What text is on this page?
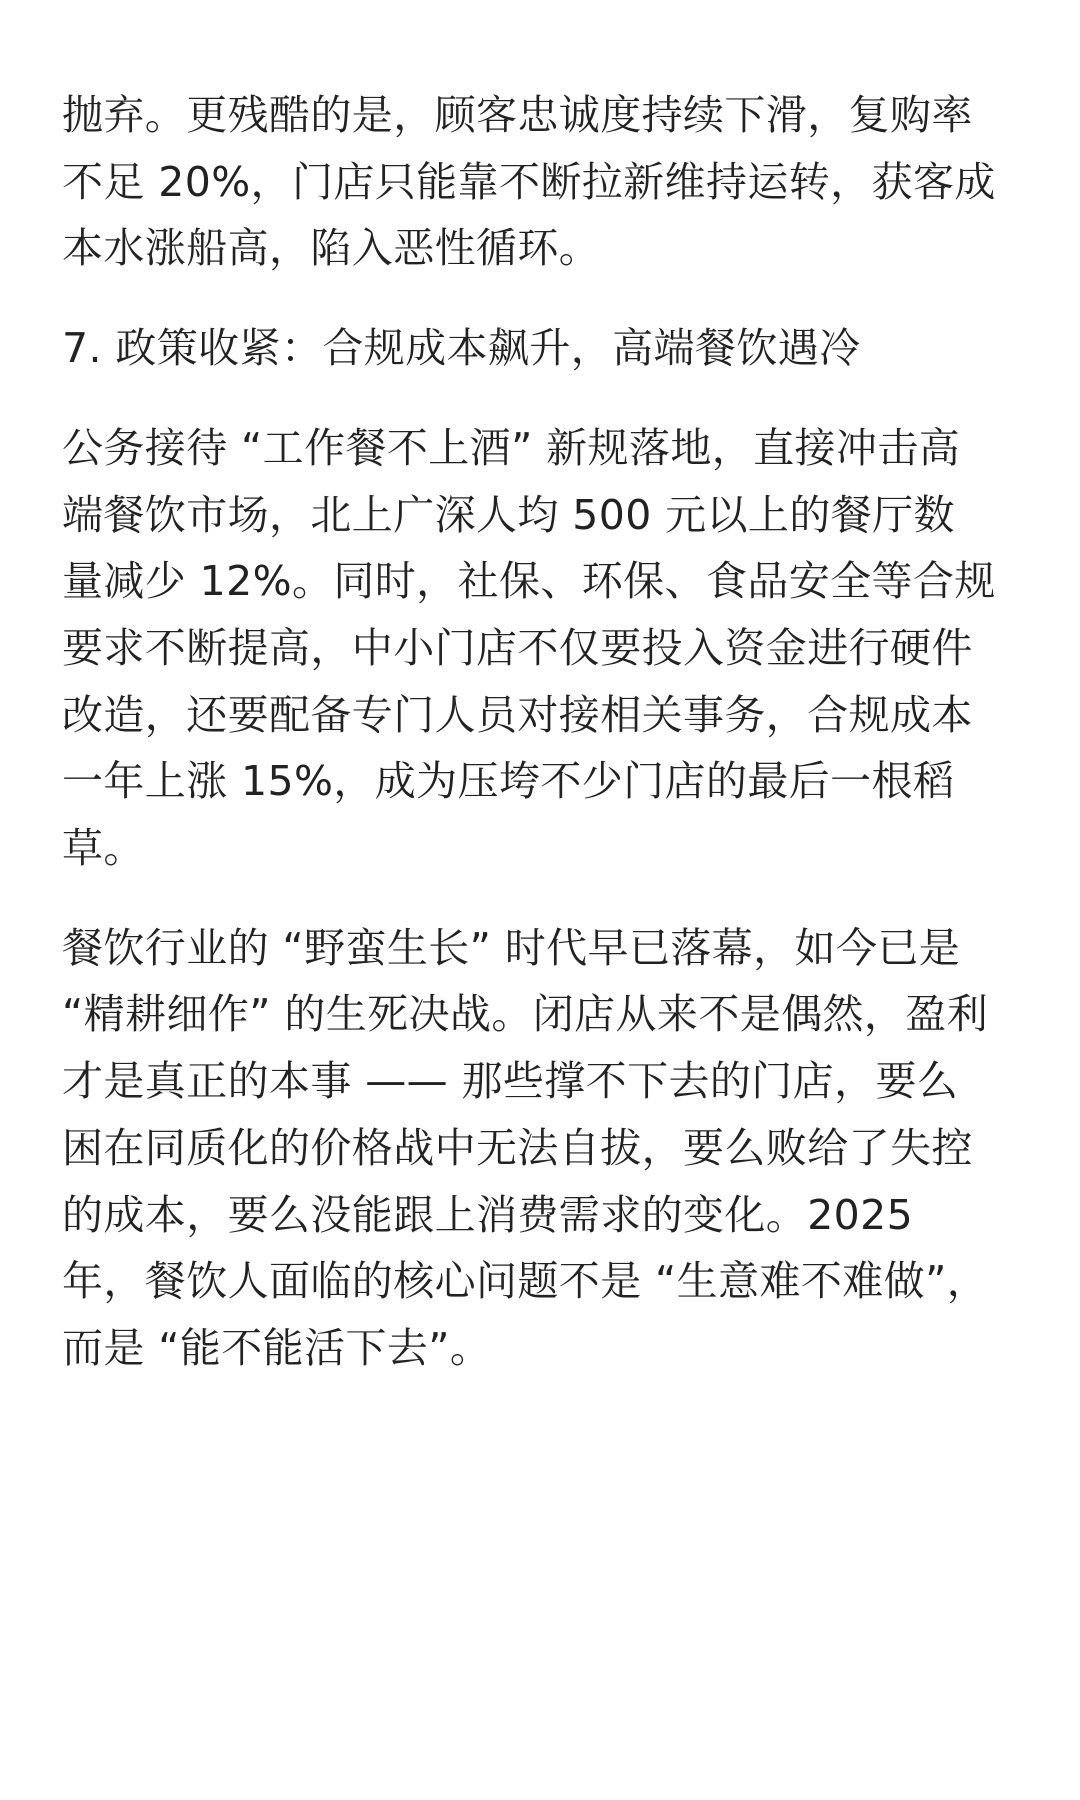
抛弃。更残酷的是，顾客忠诚度持续下滑，复购率
不足 20%，门店只能靠不断拉新维持运转，获客成
本水涨船高，陷入恶性循环。

7. 政策收紧：合规成本飙升，高端餐饮遇冷

公务接待 “工作餐不上酒” 新规落地，直接冲击高
端餐饮市场，北上广深人均 500 元以上的餐厅数
量减少 12%。同时，社保、环保、食品安全等合规
要求不断提高，中小门店不仅要投入资金进行硬件
改造，还要配备专门人员对接相关事务，合规成本
一年上涨 15%，成为压垮不少门店的最后一根稻
草。

餐饮行业的 “野蛮生长” 时代早已落幕，如今已是
“精耕细作” 的生死决战。闭店从来不是偶然，盈利
才是真正的本事 —— 那些撑不下去的门店，要么
困在同质化的价格战中无法自拔，要么败给了失控
的成本，要么没能跟上消费需求的变化。2025
年，餐饮人面临的核心问题不是 “生意难不难做”，
而是 “能不能活下去”。
